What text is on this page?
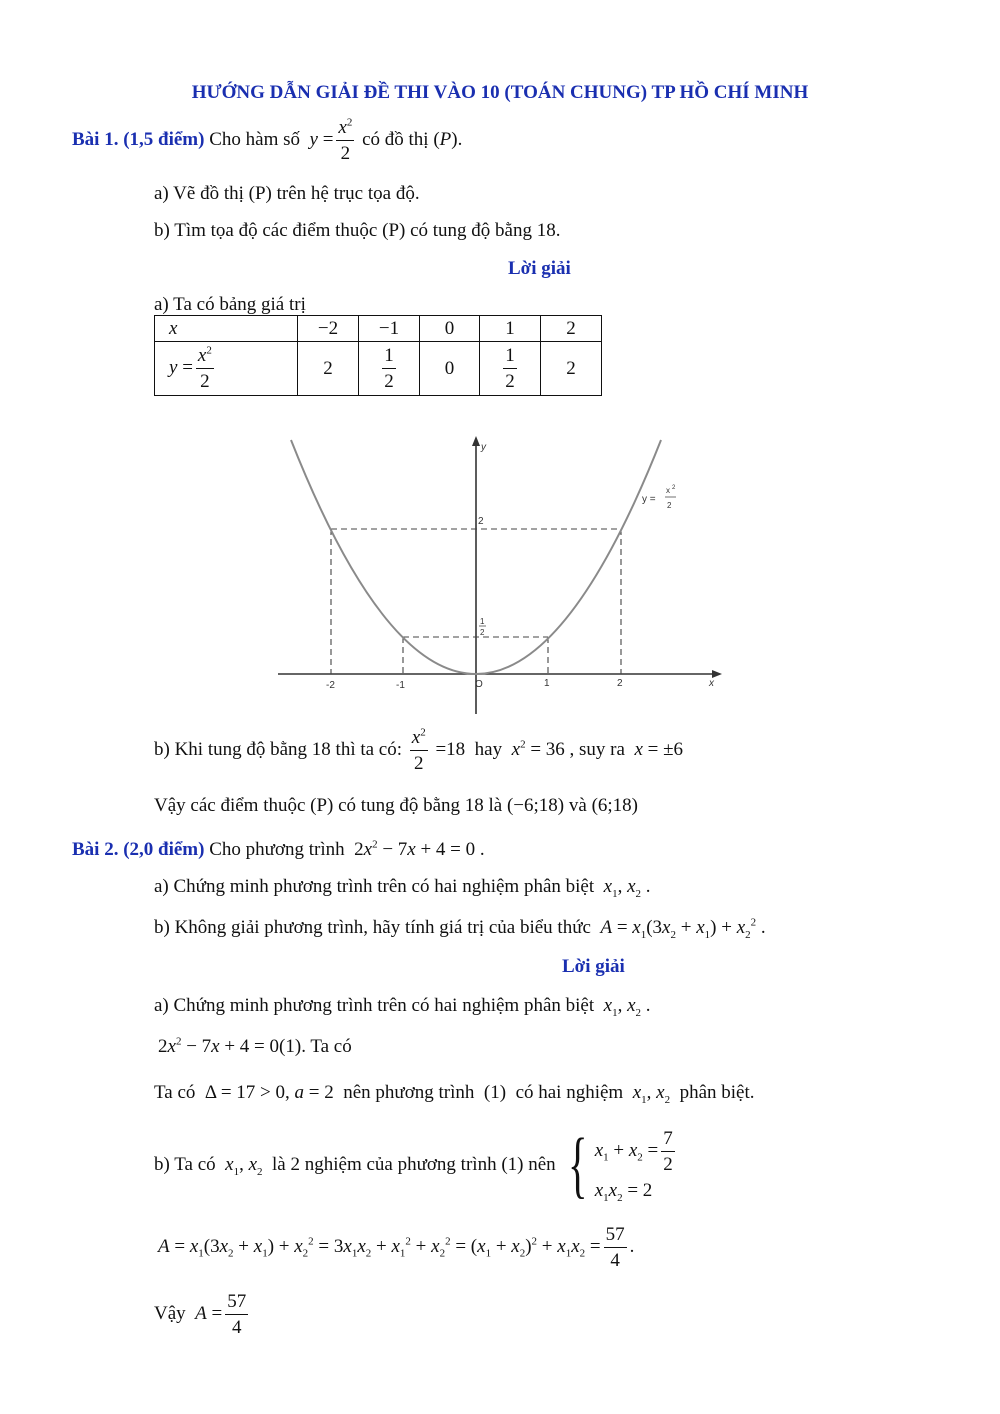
HƯỚNG DẪN GIẢI ĐỀ THI VÀO 10 (TOÁN CHUNG) TP HỒ CHÍ MINH
Bài 1. (1,5 điểm) Cho hàm số $y = \frac{x^2}{2}$ có đồ thị (P).
a) Vẽ đồ thị (P) trên hệ trục tọa độ.
b) Tìm tọa độ các điểm thuộc (P) có tung độ bằng 18.
Lời giải
a) Ta có bảng giá trị
x	−2	−1	0	1	2
$y = \frac{x^2}{2}$	2	$\frac{1}{2}$	0	$\frac{1}{2}$	2
y
x
O
-2	-1	1	2
2
1
2
y =
x 2
2
b) Khi tung độ bằng 18 thì ta có: $\frac{x^2}{2} =18$  hay  $x^2 = 36$ , suy ra  x = ±6
Vậy các điểm thuộc (P) có tung độ bằng 18 là (−6;18) và (6;18)
Bài 2. (2,0 điểm) Cho phương trình  $2x^2 - 7x + 4 = 0$ .
a) Chứng minh phương trình trên có hai nghiệm phân biệt $x_1$, $x_2$ .
b) Không giải phương trình, hãy tính giá trị của biểu thức $A = x_1(3x_2 + x_1) + x_2^2$ .
Lời giải
a) Chứng minh phương trình trên có hai nghiệm phân biệt $x_1$, $x_2$ .
$2x^2 - 7x + 4 = 0(1)$. Ta có
Ta có  Δ = 17 > 0, a = 2  nên phương trình  (1)  có hai nghiệm $x_1$, $x_2$ phân biệt.
b) Ta có $x_1$, $x_2$ là 2 nghiệm của phương trình (1) nên { $x_1 + x_2 = \frac{7}{2}$
$x_1x_2 = 2$
$A = x_1(3x_2 + x_1) + x_2^2 = 3x_1x_2 + x_1^2 + x_2^2 = (x_1 + x_2)^2 + x_1x_2 = \frac{57}{4}$ .
Vậy $A = \frac{57}{4}$
